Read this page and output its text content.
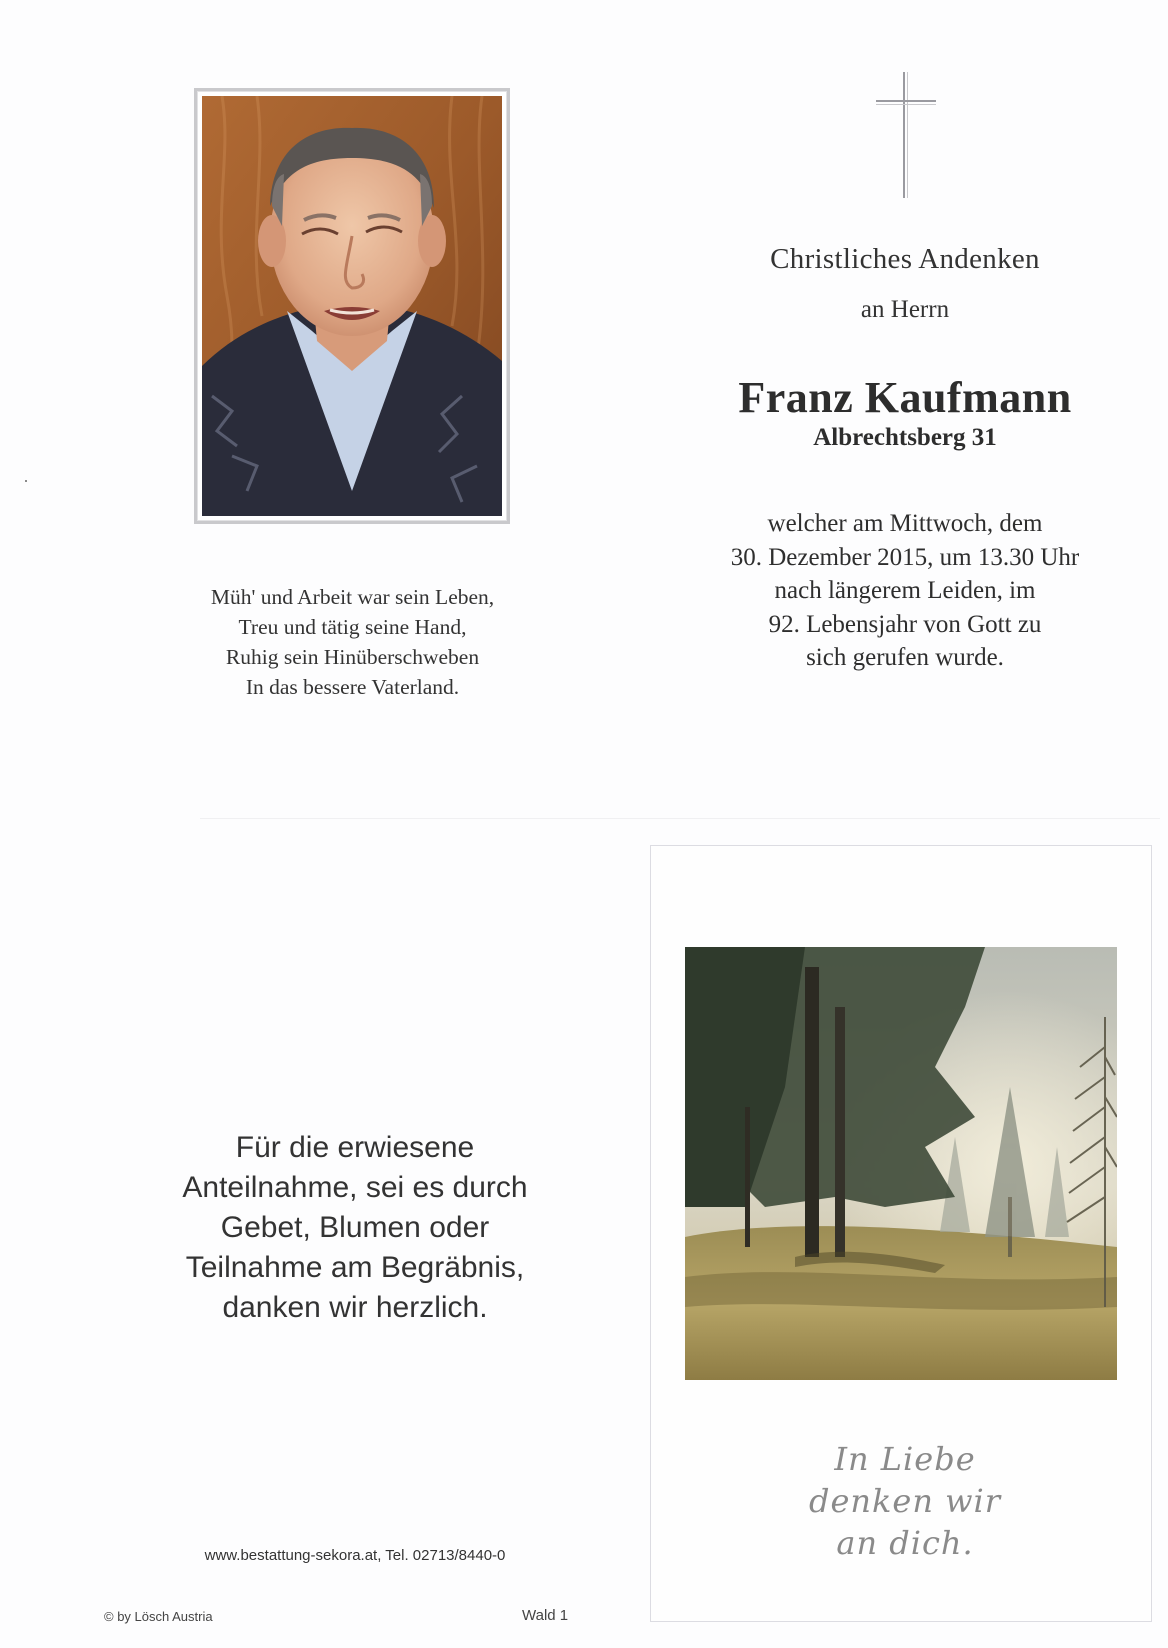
Christliches Andenken
an Herrn
Franz Kaufmann
Albrechtsberg 31
welcher am Mittwoch, dem
30. Dezember 2015, um 13.30 Uhr
nach längerem Leiden, im
92. Lebensjahr von Gott zu
sich gerufen wurde.
Müh' und Arbeit war sein Leben,
Treu und tätig seine Hand,
Ruhig sein Hinüberschweben
In das bessere Vaterland.
Für die erwiesene
Anteilnahme, sei es durch
Gebet, Blumen oder
Teilnahme am Begräbnis,
danken wir herzlich.
www.bestattung-sekora.at, Tel. 02713/8440-0
© by Lösch Austria	Wald 1
In Liebe
denken wir
an dich.
